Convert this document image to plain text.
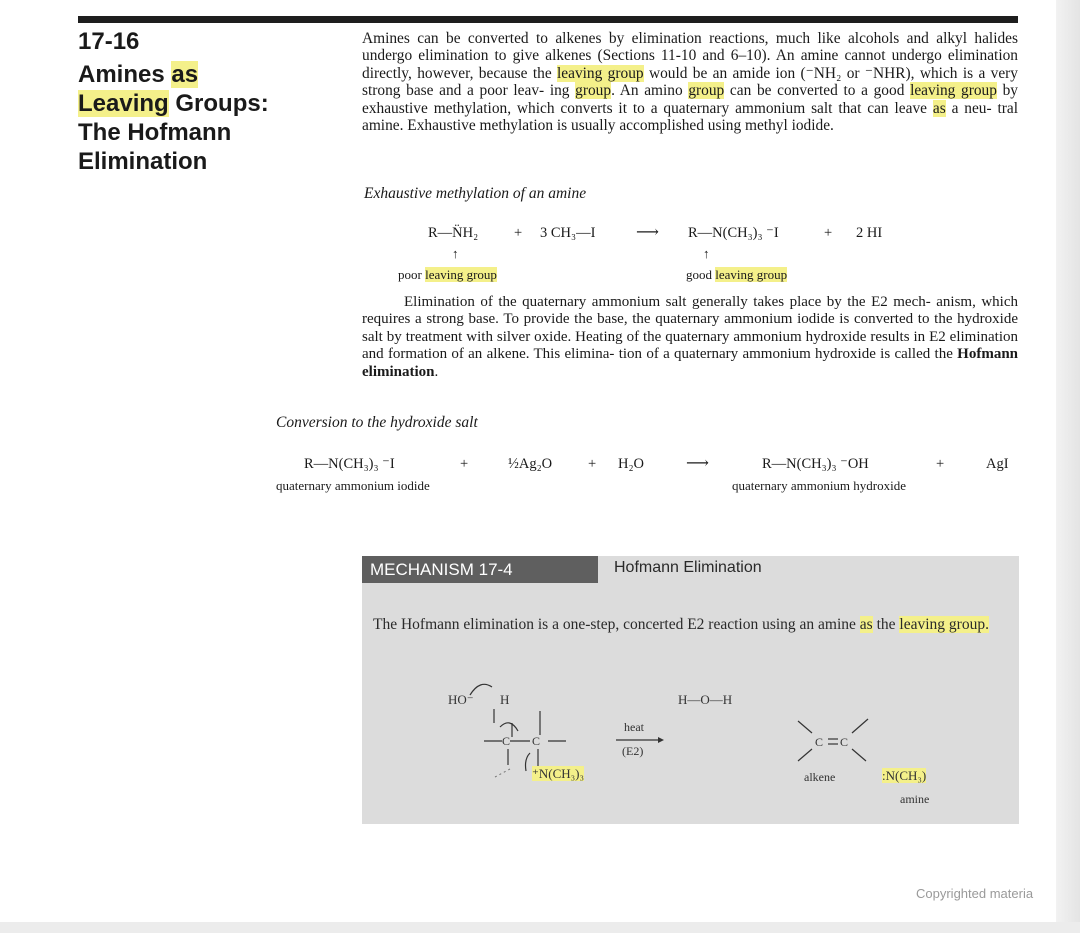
17-16
Amines as
Leaving Groups:
The Hofmann
Elimination

Amines can be converted to alkenes by elimination reactions, much like alcohols and alkyl halides undergo elimination to give alkenes (Sections 11-10 and 6–10). An amine cannot undergo elimination directly, however, because the leaving group would be an amide ion (⁻NH₂ or ⁻NHR), which is a very strong base and a poor leav- ing group. An amino group can be converted to a good leaving group by exhaustive methylation, which converts it to a quaternary ammonium salt that can leave as a neu- tral amine. Exhaustive methylation is usually accomplished using methyl iodide.

Exhaustive methylation of an amine
R—N̈H₂ + 3 CH₃—I	⟶ R—N(CH₃)₃ ⁻I	+ 2 HI
↑	↑
poor leaving group	good leaving group

Elimination of the quaternary ammonium salt generally takes place by the E2 mech- anism, which requires a strong base. To provide the base, the quaternary ammonium iodide is converted to the hydroxide salt by treatment with silver oxide. Heating of the quaternary ammonium hydroxide results in E2 elimination and formation of an alkene. This elimina- tion of a quaternary ammonium hydroxide is called the Hofmann elimination.

Conversion to the hydroxide salt
R—N(CH₃)₃ ⁻I	+	½Ag₂O + H₂O	⟶	R—N(CH₃)₃ ⁻OH	+	AgI
quaternary ammonium iodide	quaternary ammonium hydroxide
MECHANISM 17-4	Hofmann Elimination

The Hofmann elimination is a one-step, concerted E2 reaction using an amine as the leaving group.

C C	C C
HO⁻ H
⁺N(CH₃)₃
heat
(E2)
H—O—H
alkene	:N(CH₃)
amine
Copyrighted materia
